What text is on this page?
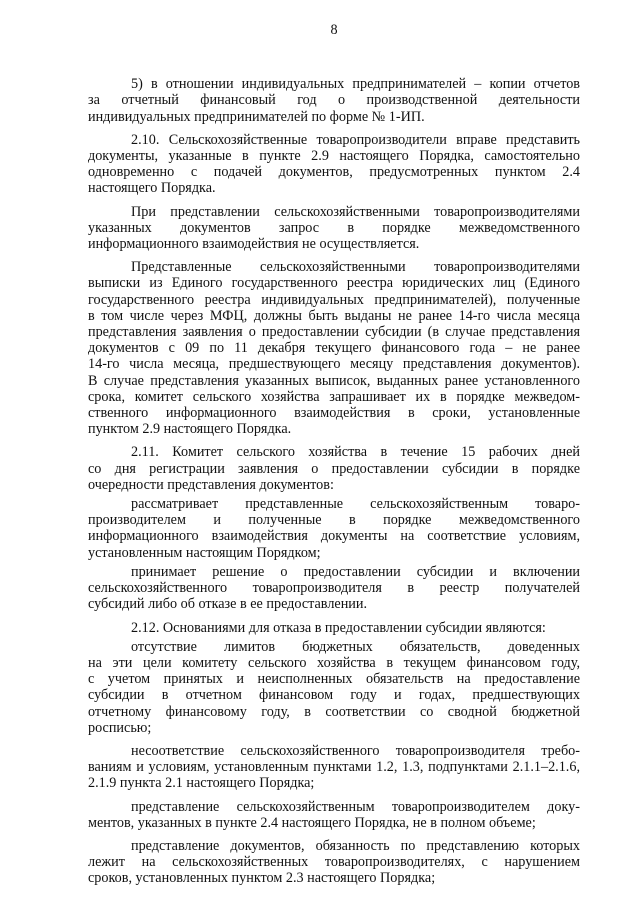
8
5) в отношении индивидуальных предпринимателей – копии отчетов
за отчетный финансовый год о производственной деятельности
индивидуальных предпринимателей по форме № 1-ИП.
2.10. Сельскохозяйственные товаропроизводители вправе представить
документы, указанные в пункте 2.9 настоящего Порядка, самостоятельно
одновременно с подачей документов, предусмотренных пунктом 2.4
настоящего Порядка.
При представлении сельскохозяйственными товаропроизводителями
указанных документов запрос в порядке межведомственного
информационного взаимодействия не осуществляется.
Представленные сельскохозяйственными товаропроизводителями
выписки из Единого государственного реестра юридических лиц (Единого
государственного реестра индивидуальных предпринимателей), полученные
в том числе через МФЦ, должны быть выданы не ранее 14-го числа месяца
представления заявления о предоставлении субсидии (в случае представления
документов с 09 по 11 декабря текущего финансового года – не ранее
14-го числа месяца, предшествующего месяцу представления документов).
В случае представления указанных выписок, выданных ранее установленного
срока, комитет сельского хозяйства запрашивает их в порядке межведом-
ственного информационного взаимодействия в сроки, установленные
пунктом 2.9 настоящего Порядка.
2.11. Комитет сельского хозяйства в течение 15 рабочих дней
со дня регистрации заявления о предоставлении субсидии в порядке
очередности представления документов:
рассматривает представленные сельскохозяйственным товаро-
производителем и полученные в порядке межведомственного
информационного взаимодействия документы на соответствие условиям,
установленным настоящим Порядком;
принимает решение о предоставлении субсидии и включении
сельскохозяйственного товаропроизводителя в реестр получателей
субсидий либо об отказе в ее предоставлении.
2.12. Основаниями для отказа в предоставлении субсидии являются:
отсутствие лимитов бюджетных обязательств, доведенных
на эти цели комитету сельского хозяйства в текущем финансовом году,
с учетом принятых и неисполненных обязательств на предоставление
субсидии в отчетном финансовом году и годах, предшествующих
отчетному финансовому году, в соответствии со сводной бюджетной
росписью;
несоответствие сельскохозяйственного товаропроизводителя требо-
ваниям и условиям, установленным пунктами 1.2, 1.3, подпунктами 2.1.1–2.1.6,
2.1.9 пункта 2.1 настоящего Порядка;
представление сельскохозяйственным товаропроизводителем доку-
ментов, указанных в пункте 2.4 настоящего Порядка, не в полном объеме;
представление документов, обязанность по представлению которых
лежит на сельскохозяйственных товаропроизводителях, с нарушением
сроков, установленных пунктом 2.3 настоящего Порядка;
